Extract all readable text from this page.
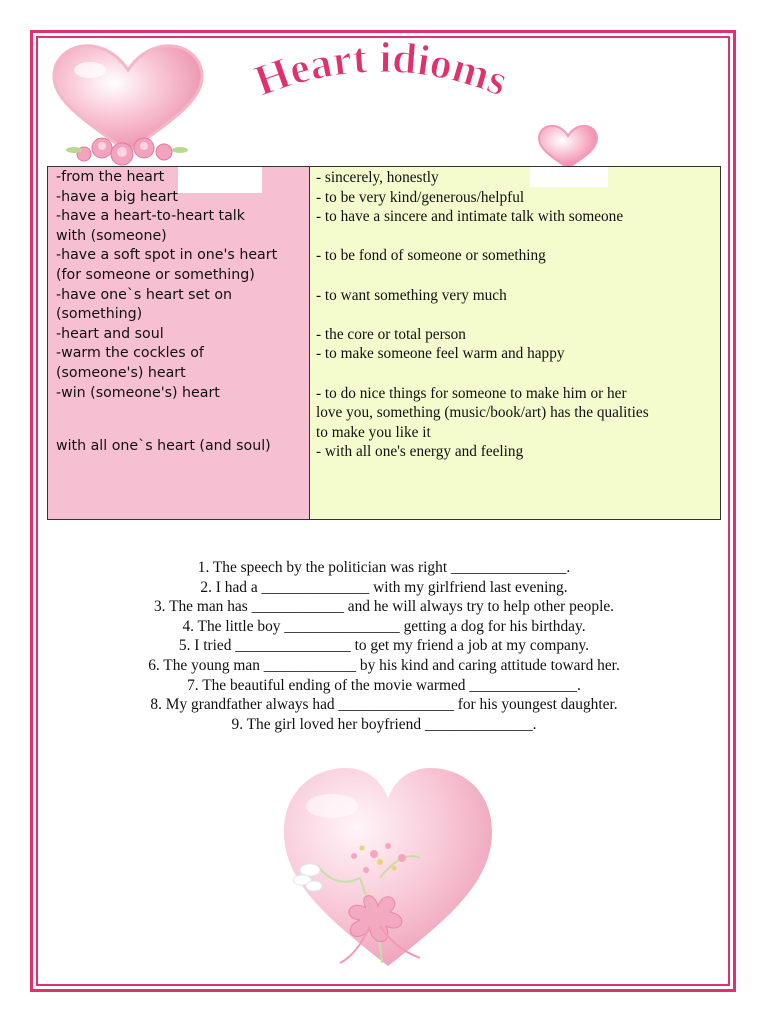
Heart idioms
-from the heart
-have a big heart
-have a heart-to-heart talk
with (someone)
-have a soft spot in one's heart
(for someone or something)
-have one`s heart set on
(something)
-heart and soul
-warm the cockles of
(someone's) heart
-win (someone's) heart
with all one`s heart (and soul)
- sincerely, honestly
- to be very kind/generous/helpful
- to have a sincere and intimate talk with someone

- to be fond of someone or something

- to want something very much

- the core or total person
- to make someone feel warm and happy

- to do nice things for someone to make him or her
love you, something (music/book/art) has the qualities
to make you like it
- with all one's energy and feeling
1. The speech by the politician was right _______________.
2. I had a ______________ with my girlfriend last evening.
3. The man has ____________ and he will always try to help other people.
4. The little boy _______________ getting a dog for his birthday.
5. I tried _______________ to get my friend a job at my company.
6. The young man ____________ by his kind and caring attitude toward her.
7. The beautiful ending of the movie warmed ______________.
8. My grandfather always had _______________ for his youngest daughter.
9. The girl loved her boyfriend ______________.
